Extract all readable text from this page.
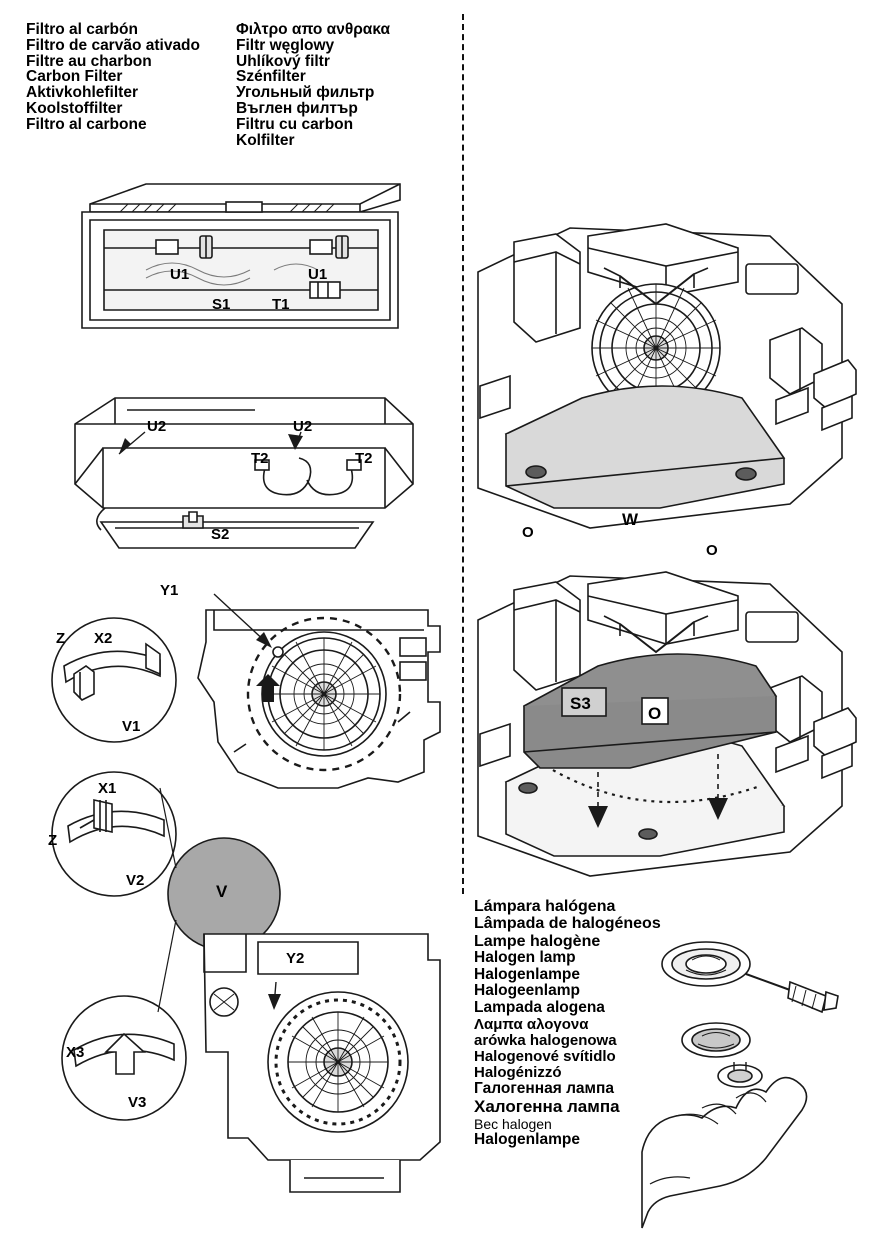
Filtro al carbón
Filtro de carvão ativado
Filtre au charbon
Carbon Filter
Aktivkohlefilter
Koolstoffilter
Filtro al carbone
Φιλτρο απο ανθρακα
Filtr węglowy
Uhlíkový filtr
Szénfilter
Угольный фильтр
Въглен филтър
Filtru cu carbon
Kolfilter
U1	U1
S1	T1
U2	U2
T2	T2
S2
Y1
Z X2
V1
X1
Z
V2
V
X3
V3
Y2
O
W
O
S3
O
Lámpara halógena
Lâmpada de halogéneos
Lampe halogène
Halogen lamp
Halogenlampe
Halogeenlamp
Lampada alogena
Λαμπα αλογονα
arówka halogenowa
Halogenové svítidlo
Halogénizzó
Галогенная лампа
Халогенна лампа
Bec halogen
Halogenlampe
